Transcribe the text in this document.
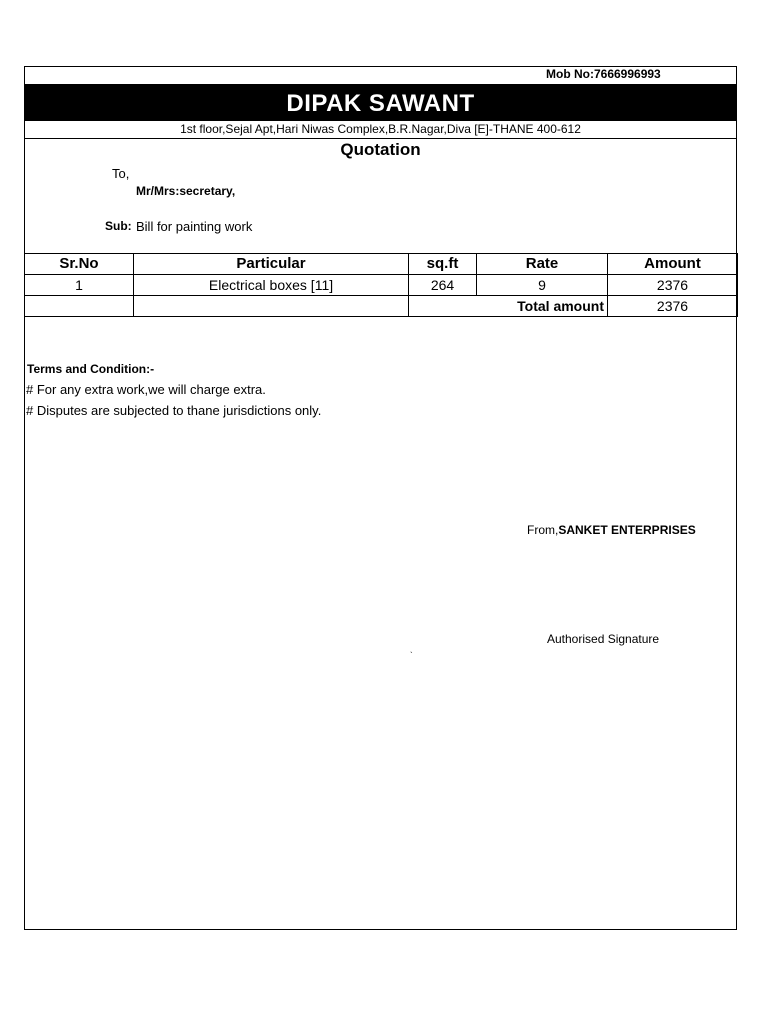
Mob No:7666996993
DIPAK SAWANT
1st floor,Sejal Apt,Hari Niwas Complex,B.R.Nagar,Diva [E]-THANE 400-612
Quotation
To,
Mr/Mrs:secretary,
Sub: Bill for painting work
Sr.No	Particular	sq.ft	Rate	Amount
1	Electrical boxes [11]	264	9	2376
			Total amount	2376
Terms and Condition:-
# For any extra work,we will charge extra.
# Disputes are subjected to thane jurisdictions only.
From,SANKET ENTERPRISES
Authorised Signature
`
